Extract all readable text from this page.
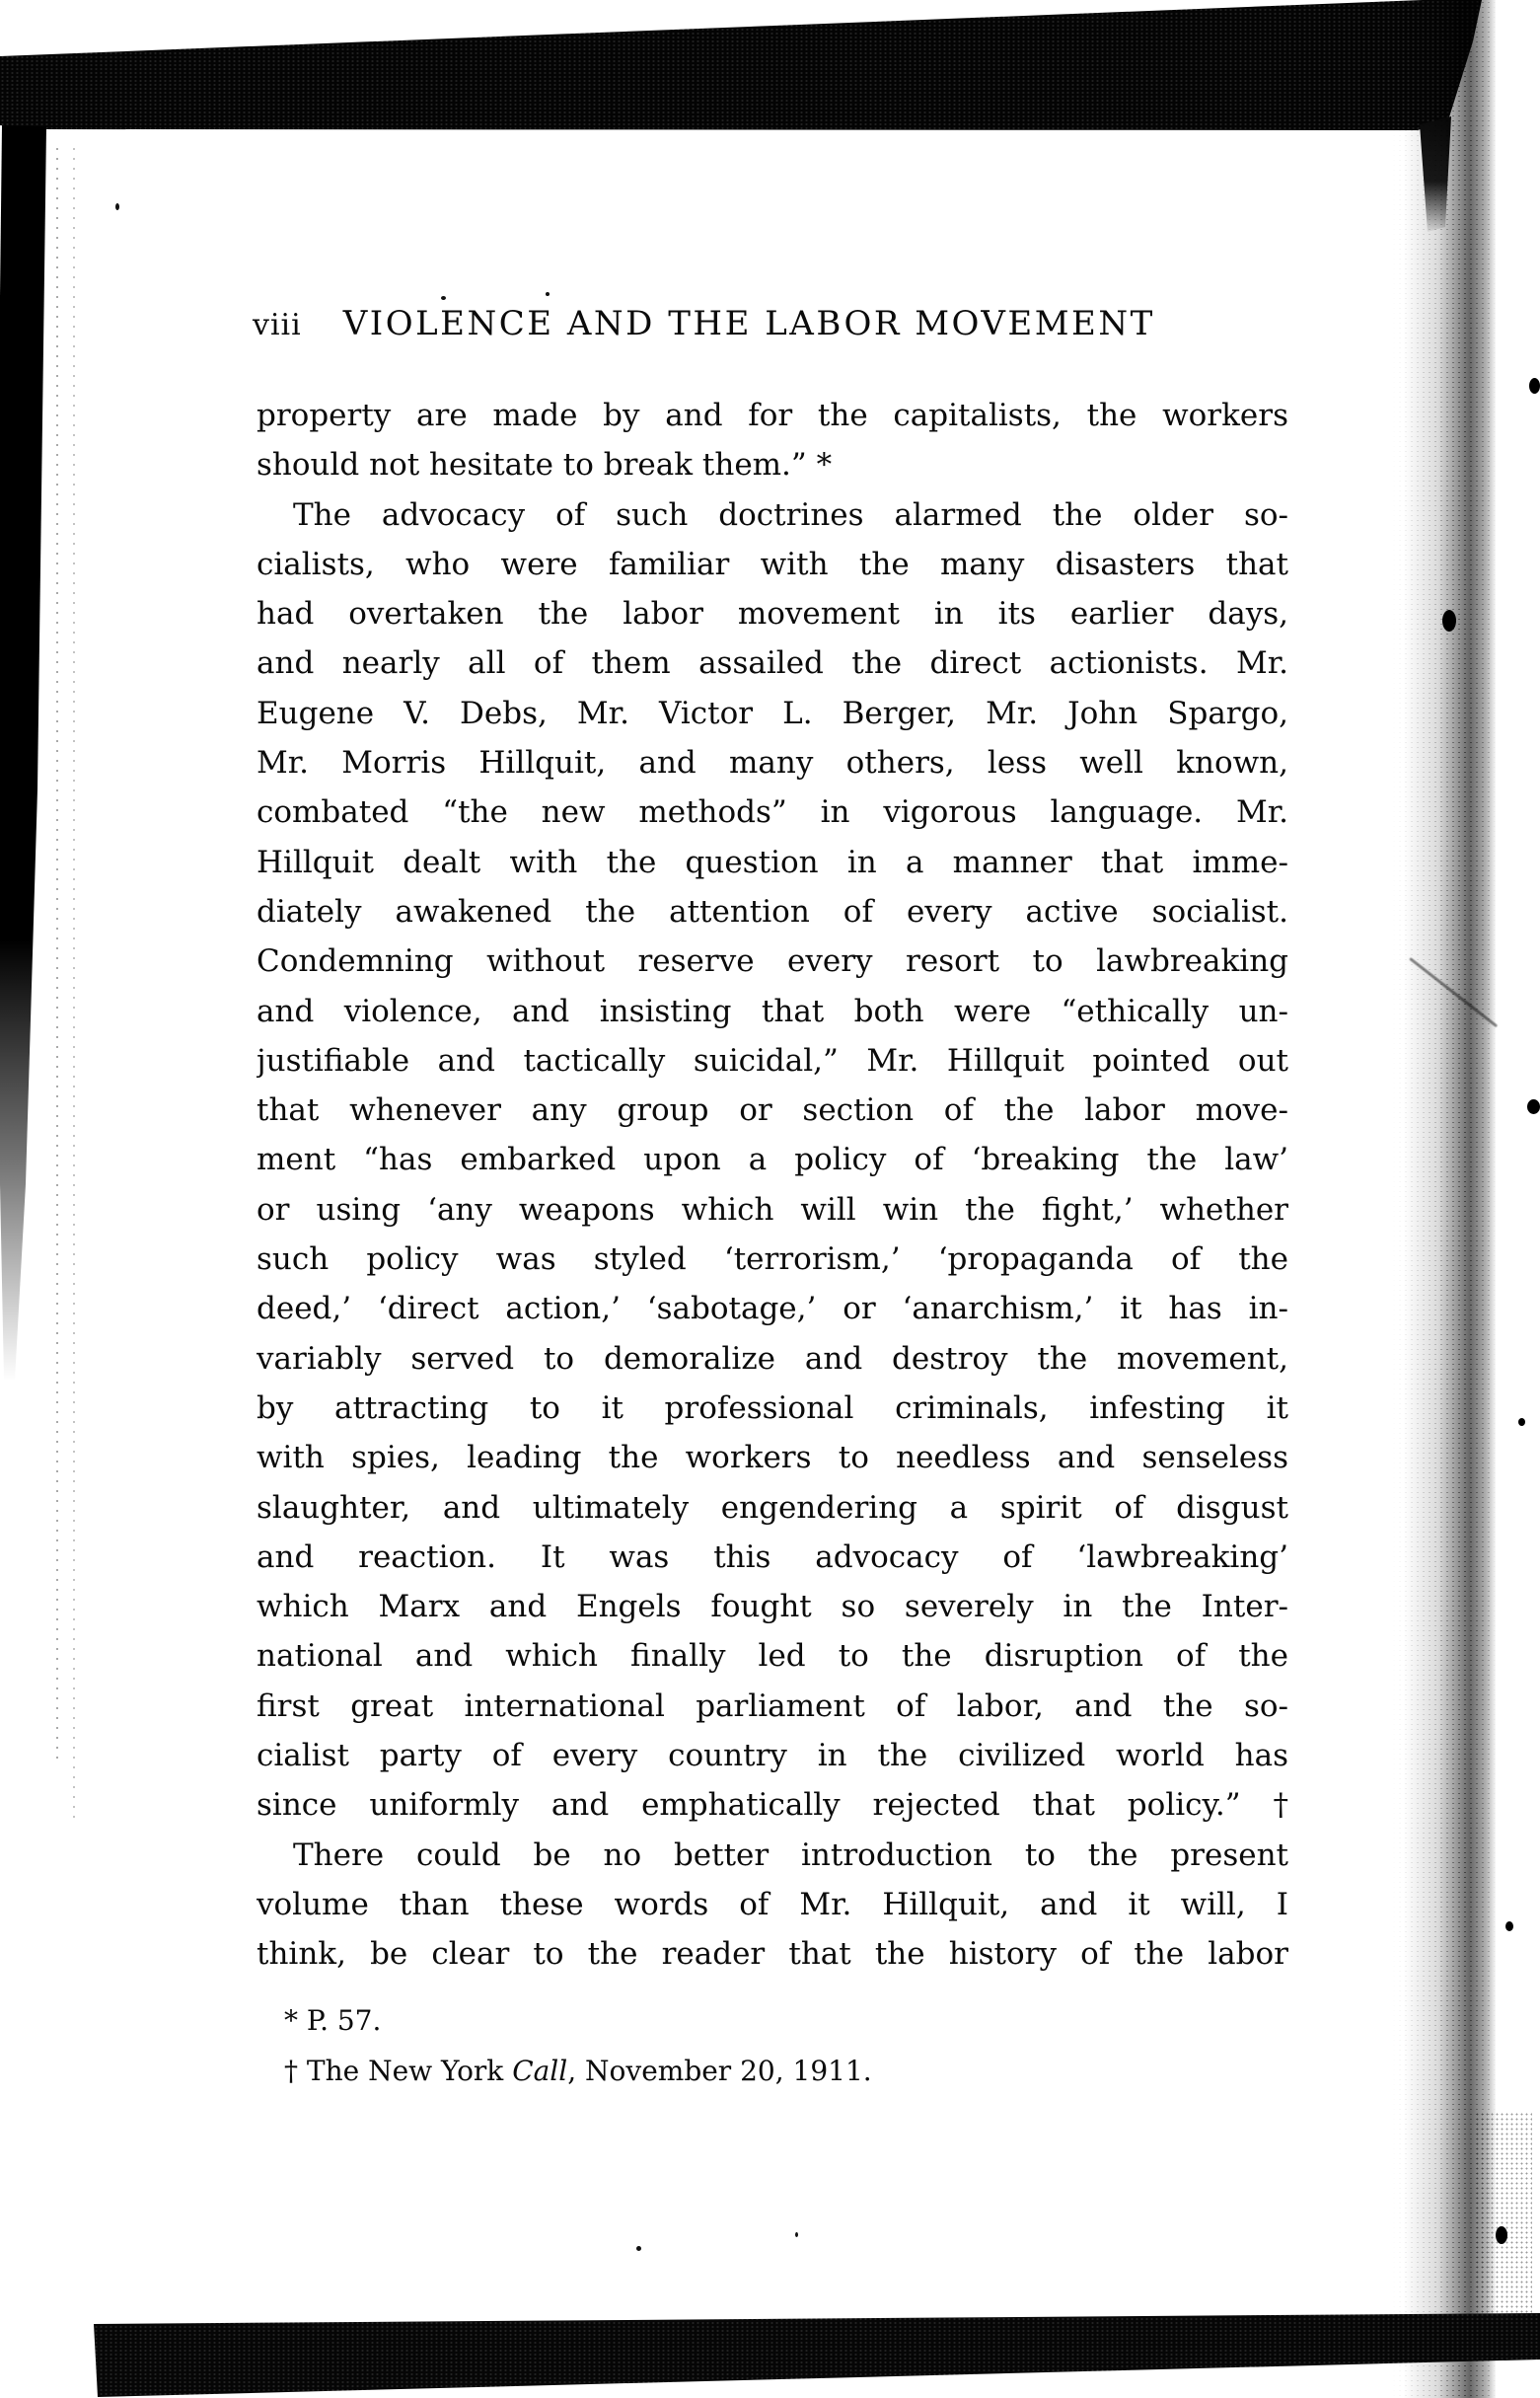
viii VIOLENCE AND THE LABOR MOVEMENT
property are made by and for the capitalists, the workers
should not hesitate to break them.” *
The advocacy of such doctrines alarmed the older so-
cialists, who were familiar with the many disasters that
had overtaken the labor movement in its earlier days,
and nearly all of them assailed the direct actionists. Mr.
Eugene V. Debs, Mr. Victor L. Berger, Mr. John Spargo,
Mr. Morris Hillquit, and many others, less well known,
combated “the new methods” in vigorous language. Mr.
Hillquit dealt with the question in a manner that imme-
diately awakened the attention of every active socialist.
Condemning without reserve every resort to lawbreaking
and violence, and insisting that both were “ethically un-
justifiable and tactically suicidal,” Mr. Hillquit pointed out
that whenever any group or section of the labor move-
ment “has embarked upon a policy of ‘breaking the law’
or using ‘any weapons which will win the fight,’ whether
such policy was styled ‘terrorism,’ ‘propaganda of the
deed,’ ‘direct action,’ ‘sabotage,’ or ‘anarchism,’ it has in-
variably served to demoralize and destroy the movement,
by attracting to it professional criminals, infesting it
with spies, leading the workers to needless and senseless
slaughter, and ultimately engendering a spirit of disgust
and reaction. It was this advocacy of ‘lawbreaking’
which Marx and Engels fought so severely in the Inter-
national and which finally led to the disruption of the
first great international parliament of labor, and the so-
cialist party of every country in the civilized world has
since uniformly and emphatically rejected that policy.” †
There could be no better introduction to the present
volume than these words of Mr. Hillquit, and it will, I
think, be clear to the reader that the history of the labor
* P. 57.
† The New York Call, November 20, 1911.
